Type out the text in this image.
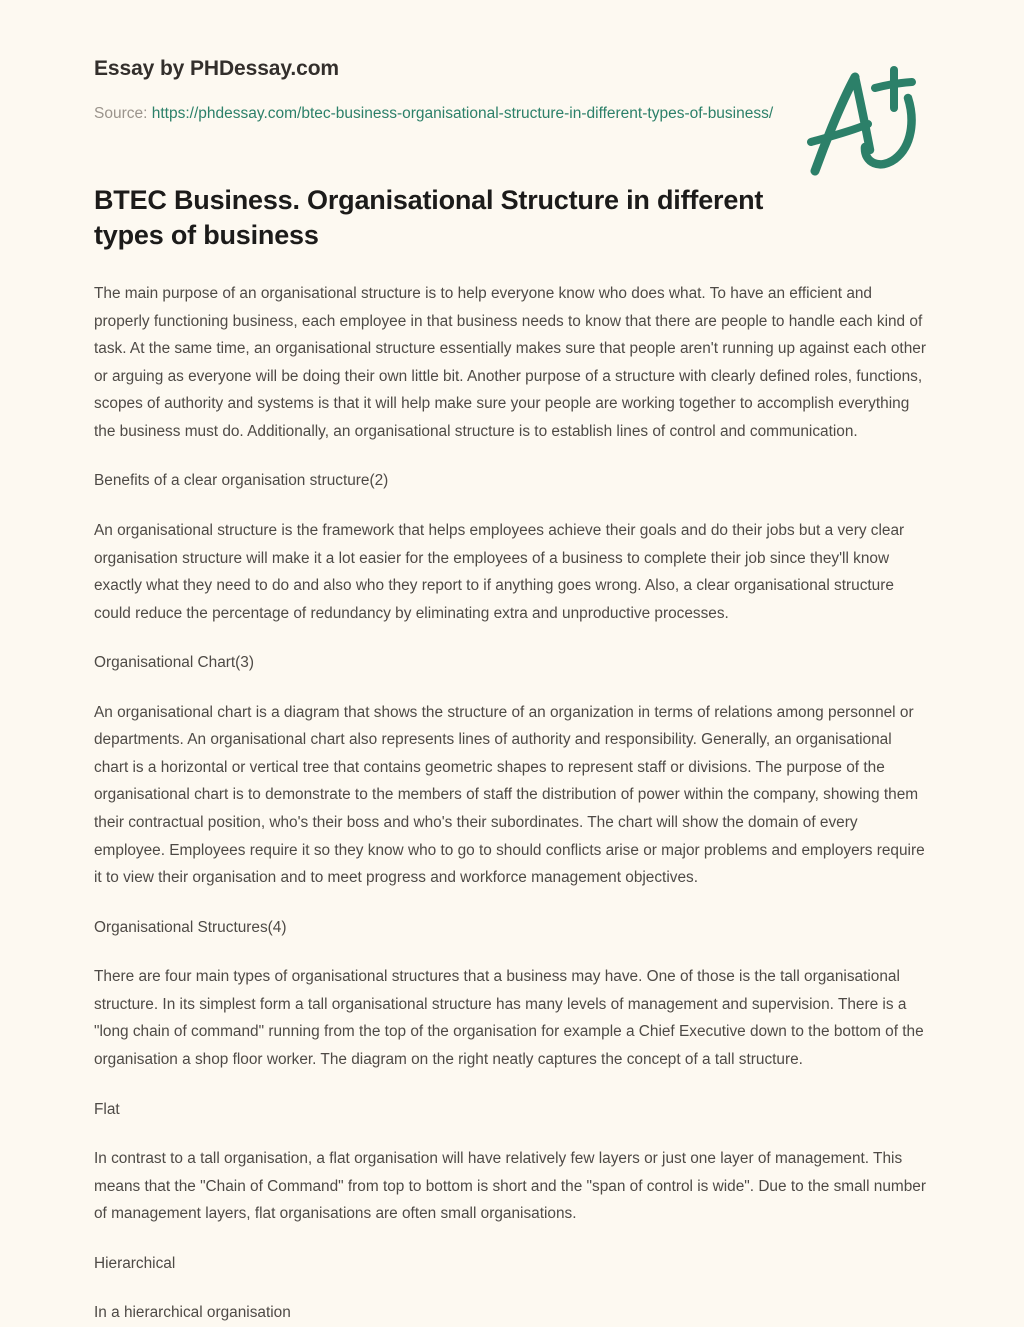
Essay by PHDessay.com
Source: https://phdessay.com/btec-business-organisational-structure-in-different-types-of-business/
BTEC Business. Organisational Structure in different types of business

The main purpose of an organisational structure is to help everyone know who does what. To have an efficient and properly functioning business, each employee in that business needs to know that there are people to handle each kind of task. At the same time, an organisational structure essentially makes sure that people aren't running up against each other or arguing as everyone will be doing their own little bit. Another purpose of a structure with clearly defined roles, functions, scopes of authority and systems is that it will help make sure your people are working together to accomplish everything the business must do. Additionally, an organisational structure is to establish lines of control and communication.

Benefits of a clear organisation structure(2)

An organisational structure is the framework that helps employees achieve their goals and do their jobs but a very clear organisation structure will make it a lot easier for the employees of a business to complete their job since they'll know exactly what they need to do and also who they report to if anything goes wrong. Also, a clear organisational structure could reduce the percentage of redundancy by eliminating extra and unproductive processes.

Organisational Chart(3)

An organisational chart is a diagram that shows the structure of an organization in terms of relations among personnel or departments. An organisational chart also represents lines of authority and responsibility. Generally, an organisational chart is a horizontal or vertical tree that contains geometric shapes to represent staff or divisions. The purpose of the organisational chart is to demonstrate to the members of staff the distribution of power within the company, showing them their contractual position, who's their boss and who's their subordinates. The chart will show the domain of every employee. Employees require it so they know who to go to should conflicts arise or major problems and employers require it to view their organisation and to meet progress and workforce management objectives.

Organisational Structures(4)

There are four main types of organisational structures that a business may have. One of those is the tall organisational structure. In its simplest form a tall organisational structure has many levels of management and supervision. There is a "long chain of command" running from the top of the organisation for example a Chief Executive down to the bottom of the organisation a shop floor worker. The diagram on the right neatly captures the concept of a tall structure.

Flat

In contrast to a tall organisation, a flat organisation will have relatively few layers or just one layer of management. This means that the "Chain of Command" from top to bottom is short and the "span of control is wide". Due to the small number of management layers, flat organisations are often small organisations.

Hierarchical

In a hierarchical organisation
